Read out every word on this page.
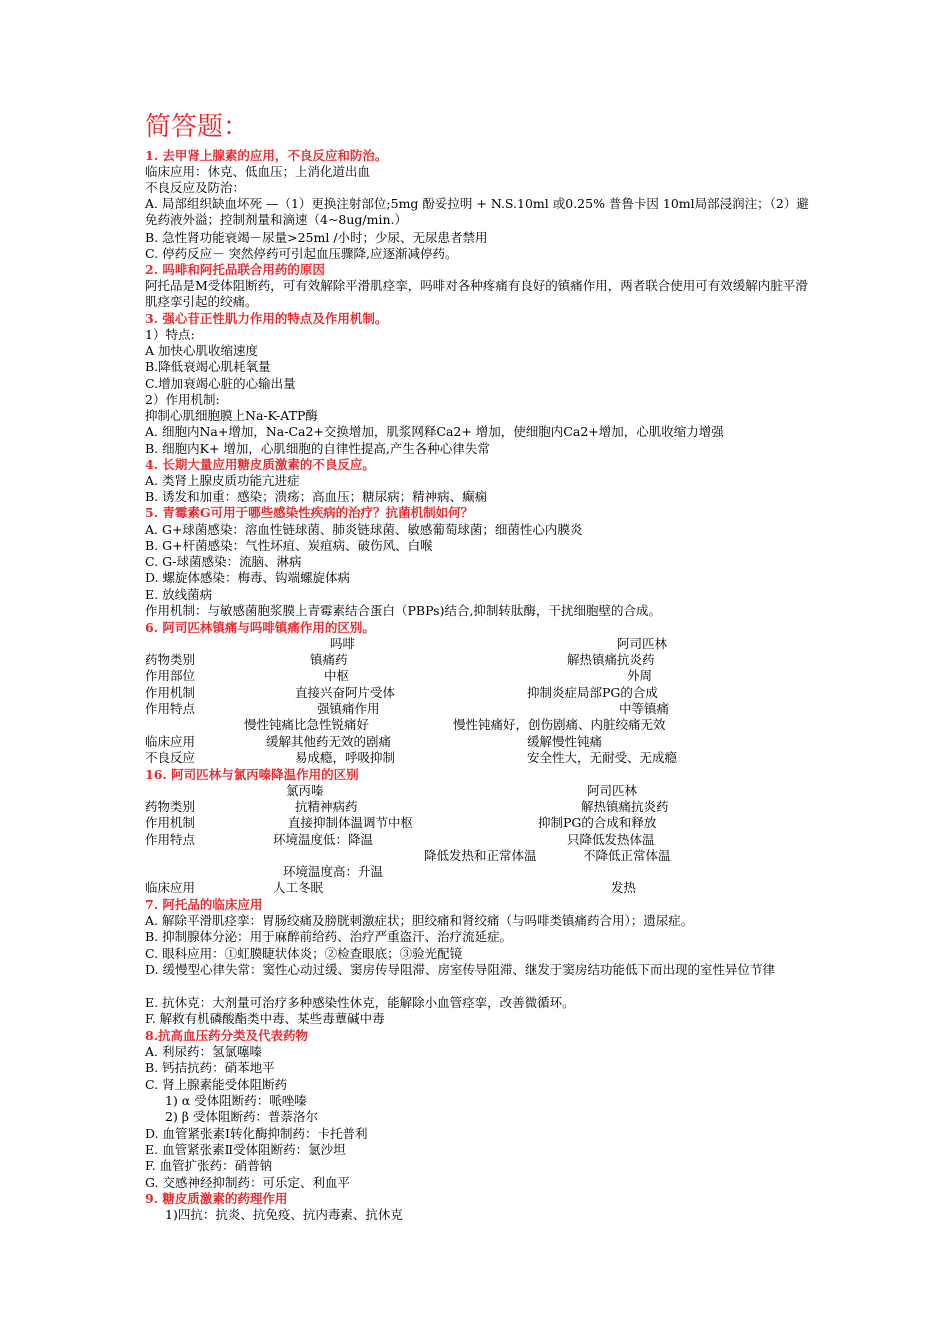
简答题：
1. 去甲肾上腺素的应用，不良反应和防治。
临床应用：休克、低血压；上消化道出血
不良反应及防治：
A. 局部组织缺血坏死 —（1）更换注射部位;5mg 酚妥拉明 + N.S.10ml 或0.25% 普鲁卡因 10ml局部浸润注；（2）避免药液外溢；控制剂量和滴速（4~8ug/min.）
B. 急性肾功能衰竭－尿量>25ml /小时；少尿、无尿患者禁用
C. 停药反应－ 突然停药可引起血压骤降,应逐渐减停药。
2. 吗啡和阿托品联合用药的原因
阿托品是M受体阻断药，可有效解除平滑肌痉挛，吗啡对各种疼痛有良好的镇痛作用，两者联合使用可有效缓解内脏平滑肌痉挛引起的绞痛。
3. 强心苷正性肌力作用的特点及作用机制。
1）特点:
A 加快心肌收缩速度
B.降低衰竭心肌耗氧量
C.增加衰竭心脏的心输出量
2）作用机制:
抑制心肌细胞膜上Na-K-ATP酶
A. 细胞内Na+增加，Na-Ca2+交换增加，肌浆网释Ca2+ 增加，使细胞内Ca2+增加，心肌收缩力增强
B. 细胞内K+ 增加，心肌细胞的自律性提高,产生各种心律失常
4. 长期大量应用糖皮质激素的不良反应。
A. 类肾上腺皮质功能亢进症
B. 诱发和加重：感染；溃疡；高血压；糖尿病；精神病、癫痫
5. 青霉素G可用于哪些感染性疾病的治疗？抗菌机制如何？
A. G+球菌感染：溶血性链球菌、肺炎链球菌、敏感葡萄球菌；细菌性心内膜炎
B. G+杆菌感染：气性坏疽、炭疽病、破伤风、白喉
C. G-球菌感染：流脑、淋病
D. 螺旋体感染：梅毒、钩端螺旋体病
E. 放线菌病
作用机制：与敏感菌胞浆膜上青霉素结合蛋白（PBPs)结合,抑制转肽酶，干扰细胞壁的合成。
6. 阿司匹林镇痛与吗啡镇痛作用的区别。
吗啡	阿司匹林
药物类别	镇痛药	解热镇痛抗炎药
作用部位	中枢	外周
作用机制	直接兴奋阿片受体	抑制炎症局部PG的合成
作用特点	强镇痛作用	中等镇痛
慢性钝痛比急性锐痛好	慢性钝痛好，创伤剧痛、内脏绞痛无效
临床应用	缓解其他药无效的剧痛	缓解慢性钝痛
不良反应	易成瘾，呼吸抑制	安全性大，无耐受、无成瘾
16. 阿司匹林与氯丙嗪降温作用的区别
氯丙嗪	阿司匹林
药物类别	抗精神病药	解热镇痛抗炎药
作用机制	直接抑制体温调节中枢	抑制PG的合成和释放
作用特点	环境温度低：降温	只降低发热体温
降低发热和正常体温	不降低正常体温
环境温度高：升温
临床应用	人工冬眠	发热
7. 阿托品的临床应用
A. 解除平滑肌痉挛：胃肠绞痛及膀胱刺激症状；胆绞痛和肾绞痛（与吗啡类镇痛药合用）；遗尿症。
B. 抑制腺体分泌：用于麻醉前给药、治疗严重盗汗、治疗流延症。
C. 眼科应用：①虹膜睫状体炎；②检查眼底；③验光配镜
D. 缓慢型心律失常：窦性心动过缓、窦房传导阻滞、房室传导阻滞、继发于窦房结功能低下而出现的室性异位节律
E. 抗休克：大剂量可治疗多种感染性休克，能解除小血管痉挛，改善微循环。
F. 解救有机磷酸酯类中毒、某些毒蕈碱中毒
8.抗高血压药分类及代表药物
A. 利尿药：氢氯噻嗪
B. 钙拮抗药：硝苯地平
C. 肾上腺素能受体阻断药
1) α 受体阻断药：哌唑嗪
2) β 受体阻断药：普萘洛尔
D. 血管紧张素Ⅰ转化酶抑制药：卡托普利
E. 血管紧张素Ⅱ受体阻断药：氯沙坦
F. 血管扩张药：硝普钠
G. 交感神经抑制药：可乐定、利血平
9. 糖皮质激素的药理作用
1)四抗：抗炎、抗免疫、抗内毒素、抗休克
